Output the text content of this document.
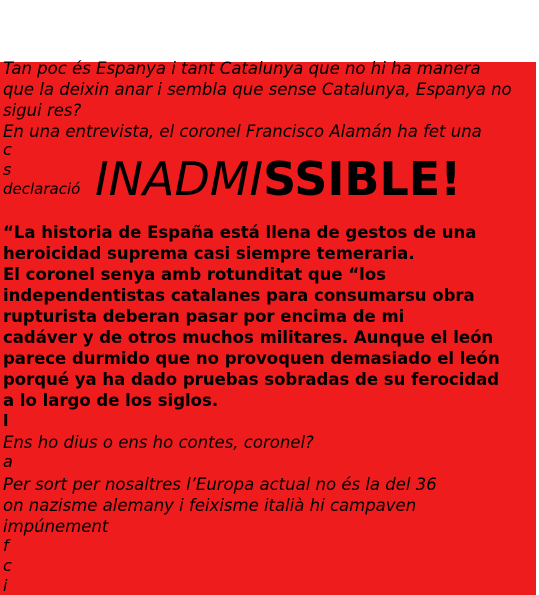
Tan poc és Espanya i tant Catalunya que no hi ha manera
que la deixin anar i sembla que sense Catalunya, Espanya no
sigui res?
En una entrevista, el coronel Francisco Alamán ha fet una
c
s
declaració INADMISSIBLE!
“La historia de España está llena de gestos de una
heroicidad suprema casi siempre temeraria.
El coronel senya amb rotunditat que “los
independentistas catalanes para consumarsu obra
rupturista deberan pasar por encima de mi
cadáver y de otros muchos militares. Aunque el león
parece durmido que no provoquen demasiado el león
porqué ya ha dado pruebas sobradas de su ferocidad
a lo largo de los siglos.
l
Ens ho dius o ens ho contes, coronel?
a
Per sort per nosaltres l’Europa actual no és la del 36
on nazisme alemany i feixisme italià hi campaven
impúnement
f
c
i
